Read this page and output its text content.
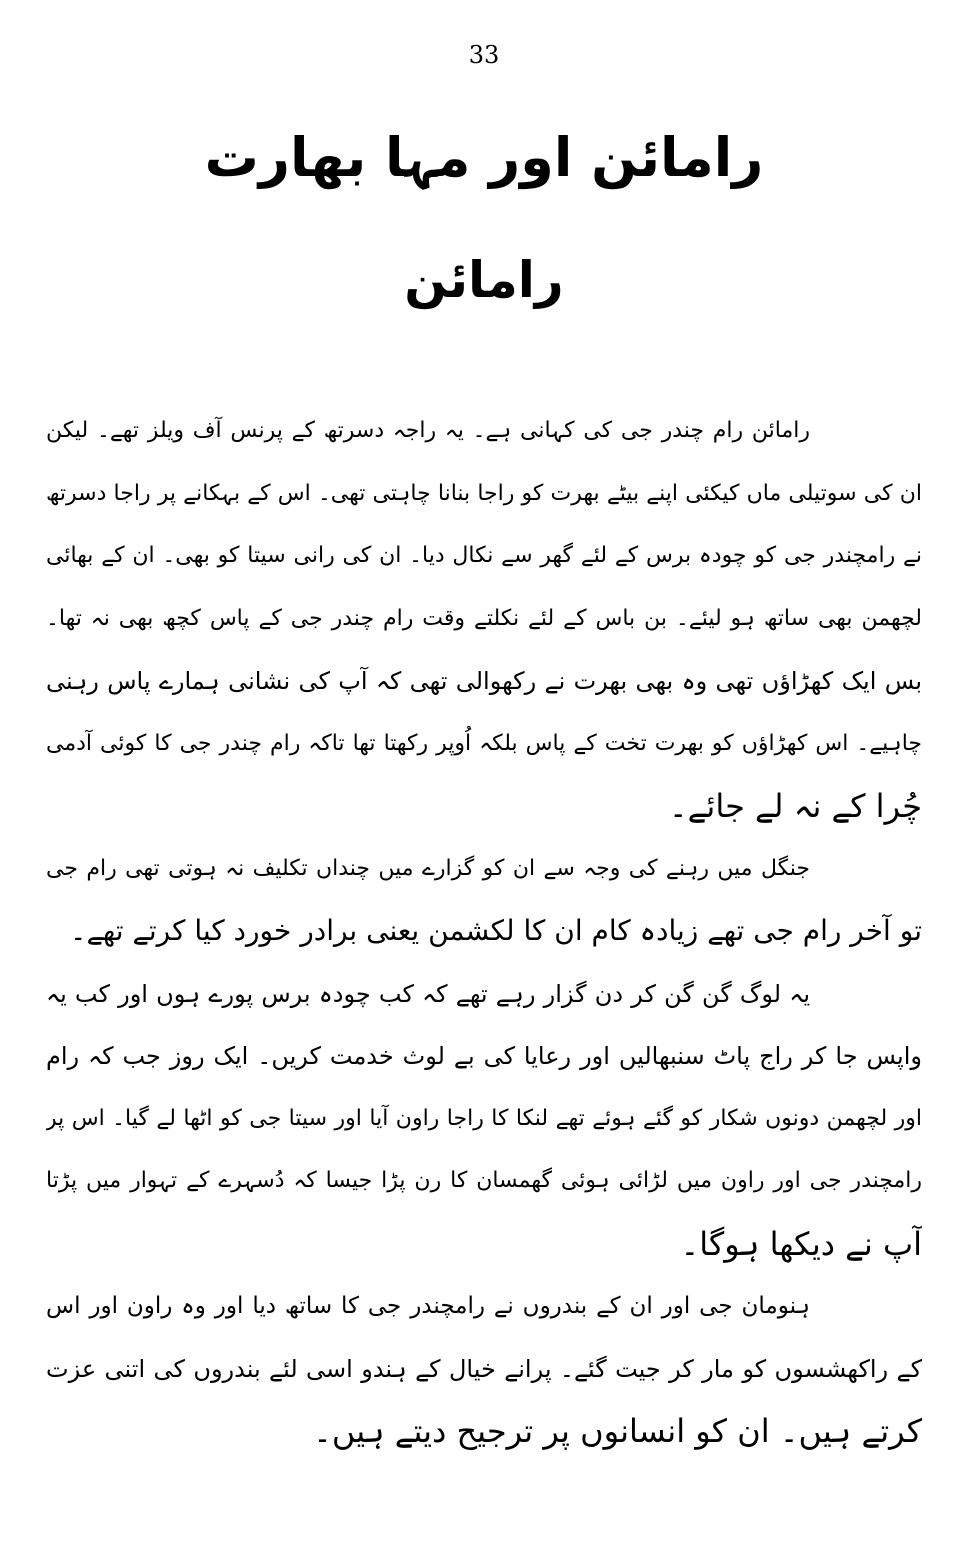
33
رامائن اور مہا بھارت
رامائن
رامائن رام چندر جی کی کہانی ہے۔ یہ راجہ دسرتھ کے پرنس آف ویلز تھے۔ لیکن
ان کی سوتیلی ماں کیکئی اپنے بیٹے بھرت کو راجا بنانا چاہتی تھی۔ اس کے بہکانے پر راجا دسرتھ
نے رامچندر جی کو چودہ برس کے لئے گھر سے نکال دیا۔ ان کی رانی سیتا کو بھی۔ ان کے بھائی
لچھمن بھی ساتھ ہو لیئے۔ بن باس کے لئے نکلتے وقت رام چندر جی کے پاس کچھ بھی نہ تھا۔
بس ایک کھڑاؤں تھی وہ بھی بھرت نے رکھوالی تھی کہ آپ کی نشانی ہمارے پاس رہنی
چاہیے۔ اس کھڑاؤں کو بھرت تخت کے پاس بلکہ اُوپر رکھتا تھا تاکہ رام چندر جی کا کوئی آدمی
چُرا کے نہ لے جائے۔
جنگل میں رہنے کی وجہ سے ان کو گزارے میں چنداں تکلیف نہ ہوتی تھی رام جی
تو آخر رام جی تھے زیادہ کام ان کا لکشمن یعنی برادر خورد کیا کرتے تھے۔
یہ لوگ گن گن کر دن گزار رہے تھے کہ کب چودہ برس پورے ہوں اور کب یہ
واپس جا کر راج پاٹ سنبھالیں اور رعایا کی بے لوث خدمت کریں۔ ایک روز جب کہ رام
اور لچھمن دونوں شکار کو گئے ہوئے تھے لنکا کا راجا راون آیا اور سیتا جی کو اٹھا لے گیا۔ اس پر
رامچندر جی اور راون میں لڑائی ہوئی گھمسان کا رن پڑا جیسا کہ دُسہرے کے تہوار میں پڑتا
آپ نے دیکھا ہوگا۔
ہنومان جی اور ان کے بندروں نے رامچندر جی کا ساتھ دیا اور وہ راون اور اس
کے راکھشسوں کو مار کر جیت گئے۔ پرانے خیال کے ہندو اسی لئے بندروں کی اتنی عزت
کرتے ہیں۔ ان کو انسانوں پر ترجیح دیتے ہیں۔
